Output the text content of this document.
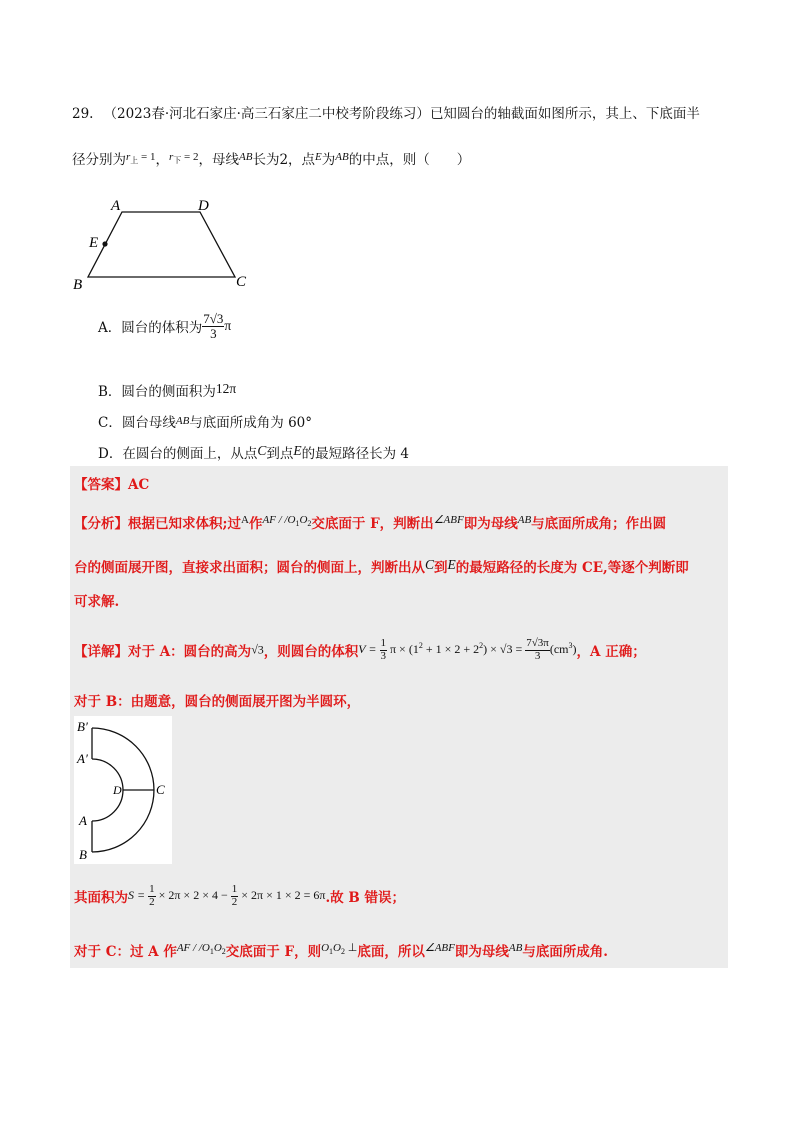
29. （2023春·河北石家庄·高三石家庄二中校考阶段练习）已知圆台的轴截面如图所示，其上、下底面半
径分别为$^{r_上 = 1}$，$^{r_下 = 2}$，母线$^{AB}$长为2，点$^E$为$^{AB}$的中点，则（　　）
A	D
E
B	C
A．圆台的体积为 $\frac{7√3}{3}$ π
B．圆台的侧面积为12π
C．圆台母线$^{AB}$与底面所成角为 60°
D．在圆台的侧面上，从点C到点E的最短路径长为 4
【答案】AC
【分析】根据已知求体积;过$^A$作$^{AF / /O_1O_2}$交底面于 F，判断出$^{\angle ABF}$即为母线$^{AB}$与底面所成角；作出圆
台的侧面展开图，直接求出面积；圆台的侧面上，判断出从C到E的最短路径的长度为 CE,等逐个判断即
可求解.
【详解】对于 A：圆台的高为√3，则圆台的体积$V = \frac{1}{3}$ $\pi \times (1^2 + 1 \times 2 + 2^2) \times √3 = \frac{7√3\pi}{3} (cm^3)$，A 正确；
对于 B：由题意，圆台的侧面展开图为半圆环，
B′
A′
D	C
A
B
其面积为$S = \frac{1}{2} \times 2\pi \times 2 \times 4 - \frac{1}{2} \times 2\pi \times 1 \times 2 = 6\pi$.故 B 错误；
对于 C：过 A 作$^{AF / /O_1O_2}$交底面于 F，则$^{O_1O_2 \perp}$底面，所以$^{\angle ABF}$即为母线$^{AB}$与底面所成角.
